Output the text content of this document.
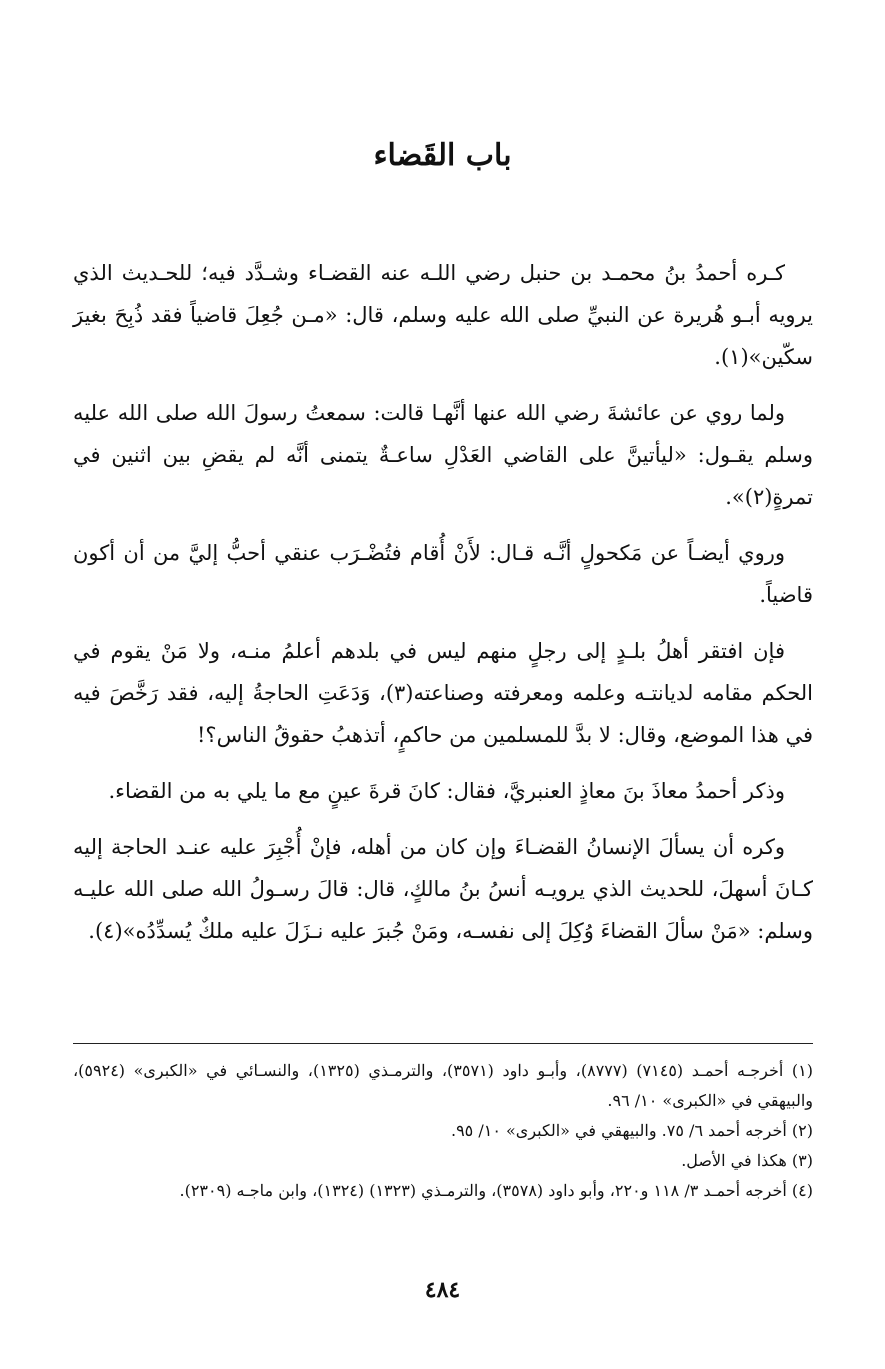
باب القَضاء

كـره أحمدُ بنُ محمـد بن حنبل رضي اللـه عنه القضـاء وشـدَّد فيه؛ للحـديث الذي يرويه أبـو هُريرة عن النبيِّ صلى الله عليه وسلم، قال: «مـن جُعِلَ قاضياً فقد ذُبِحَ بغيرَ سكّين»(١).

ولما روي عن عائشةَ رضي الله عنها أنَّهـا قالت: سمعتُ رسولَ الله صلى الله عليه وسلم يقـول: «ليأتينَّ على القاضي العَدْلِ ساعـةٌ يتمنى أنَّه لم يقضِ بين اثنين في تمرةٍ(٢)».

وروي أيضـاً عن مَكحولٍ أنَّـه قـال: لأَنْ أُقام فتُضْـرَب عنقي أحبُّ إليَّ من أن أكون قاضياً.

فإن افتقر أهلُ بلـدٍ إلى رجلٍ منهم ليس في بلدهم أعلمُ منـه، ولا مَنْ يقوم في الحكم مقامه لديانتـه وعلمه ومعرفته وصناعته(٣)، وَدَعَتِ الحاجةُ إليه، فقد رَخَّصَ فيه في هذا الموضع، وقال: لا بدَّ للمسلمين من حاكمٍ، أتذهبُ حقوقُ الناس؟!

وذكر أحمدُ معاذَ بنَ معاذٍ العنبريَّ، فقال: كانَ قرةَ عينٍ مع ما يلي به من القضاء.

وكره أن يسألَ الإنسانُ القضـاءَ وإن كان من أهله، فإنْ أُجْبِرَ عليه عنـد الحاجة إليه كـانَ أسهلَ، للحديث الذي يرويـه أنسُ بنُ مالكٍ، قال: قالَ رسـولُ الله صلى الله عليـه وسلم: «مَنْ سألَ القضاءَ وُكِلَ إلى نفسـه، ومَنْ جُبرَ عليه نـزَلَ عليه ملكٌ يُسدِّدُه»(٤).

(١) أخرجـه أحمـد (٧١٤٥) (٨٧٧٧)، وأبـو داود (٣٥٧١)، والترمـذي (١٣٢٥)، والنسـائي في «الكبرى» (٥٩٢٤)، والبيهقي في «الكبرى» ١٠/ ٩٦.

(٢) أخرجه أحمد ٦/ ٧٥. والبيهقي في «الكبرى» ١٠/ ٩٥.

(٣) هكذا في الأصل.

(٤) أخرجه أحمـد ٣/ ١١٨ و٢٢٠، وأبو داود (٣٥٧٨)، والترمـذي (١٣٢٣) (١٣٢٤)، وابن ماجـه (٢٣٠٩).

٤٨٤
